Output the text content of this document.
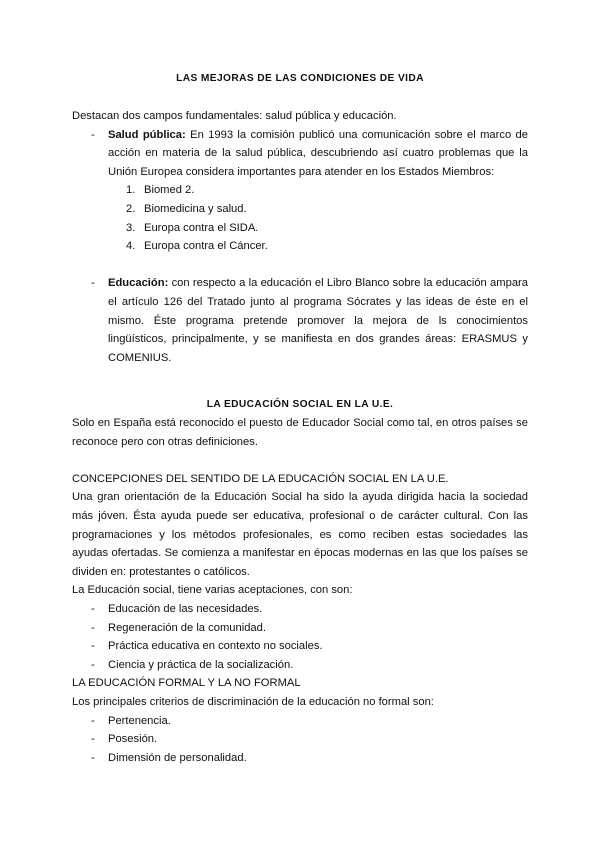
LAS MEJORAS DE LAS CONDICIONES DE VIDA

Destacan dos campos fundamentales: salud pública y educación.

-	Salud pública: En 1993 la comisión publicó una comunicación sobre el marco de acción en materia de la salud pública, descubriendo así cuatro problemas que la Unión Europea considera importantes para atender en los Estados Miembros:
1. Biomed 2.
2. Biomedicina y salud.
3. Europa contra el SIDA.
4. Europa contra el Cáncer.
-	Educación: con respecto a la educación el Libro Blanco sobre la educación ampara el artículo 126 del Tratado junto al programa Sócrates y las ideas de éste en el mismo. Éste programa pretende promover la mejora de ls conocimientos lingüísticos, principalmente, y se manifiesta en dos grandes áreas: ERASMUS y COMENIUS.
LA EDUCACIÓN SOCIAL EN LA U.E.

Solo en España está reconocido el puesto de Educador Social como tal, en otros países se reconoce pero con otras definiciones.

CONCEPCIONES DEL SENTIDO DE LA EDUCACIÓN SOCIAL EN LA U.E.

Una gran orientación de la Educación Social ha sido la ayuda dirigida hacia la sociedad más jóven. Ésta ayuda puede ser educativa, profesional o de carácter cultural. Con las programaciones y los métodos profesionales, es como reciben estas sociedades las ayudas ofertadas. Se comienza a manifestar en épocas modernas en las que los países se dividen en: protestantes o católicos.

La Educación social, tiene varias aceptaciones, con son:

-	Educación de las necesidades.
-	Regeneración de la comunidad.
-	Práctica educativa en contexto no sociales.
-	Ciencia y práctica de la socialización.

LA EDUCACIÓN FORMAL Y LA NO FORMAL

Los principales criterios de discriminación de la educación no formal son:

-	Pertenencia.
-	Posesión.
-	Dimensión de personalidad.
